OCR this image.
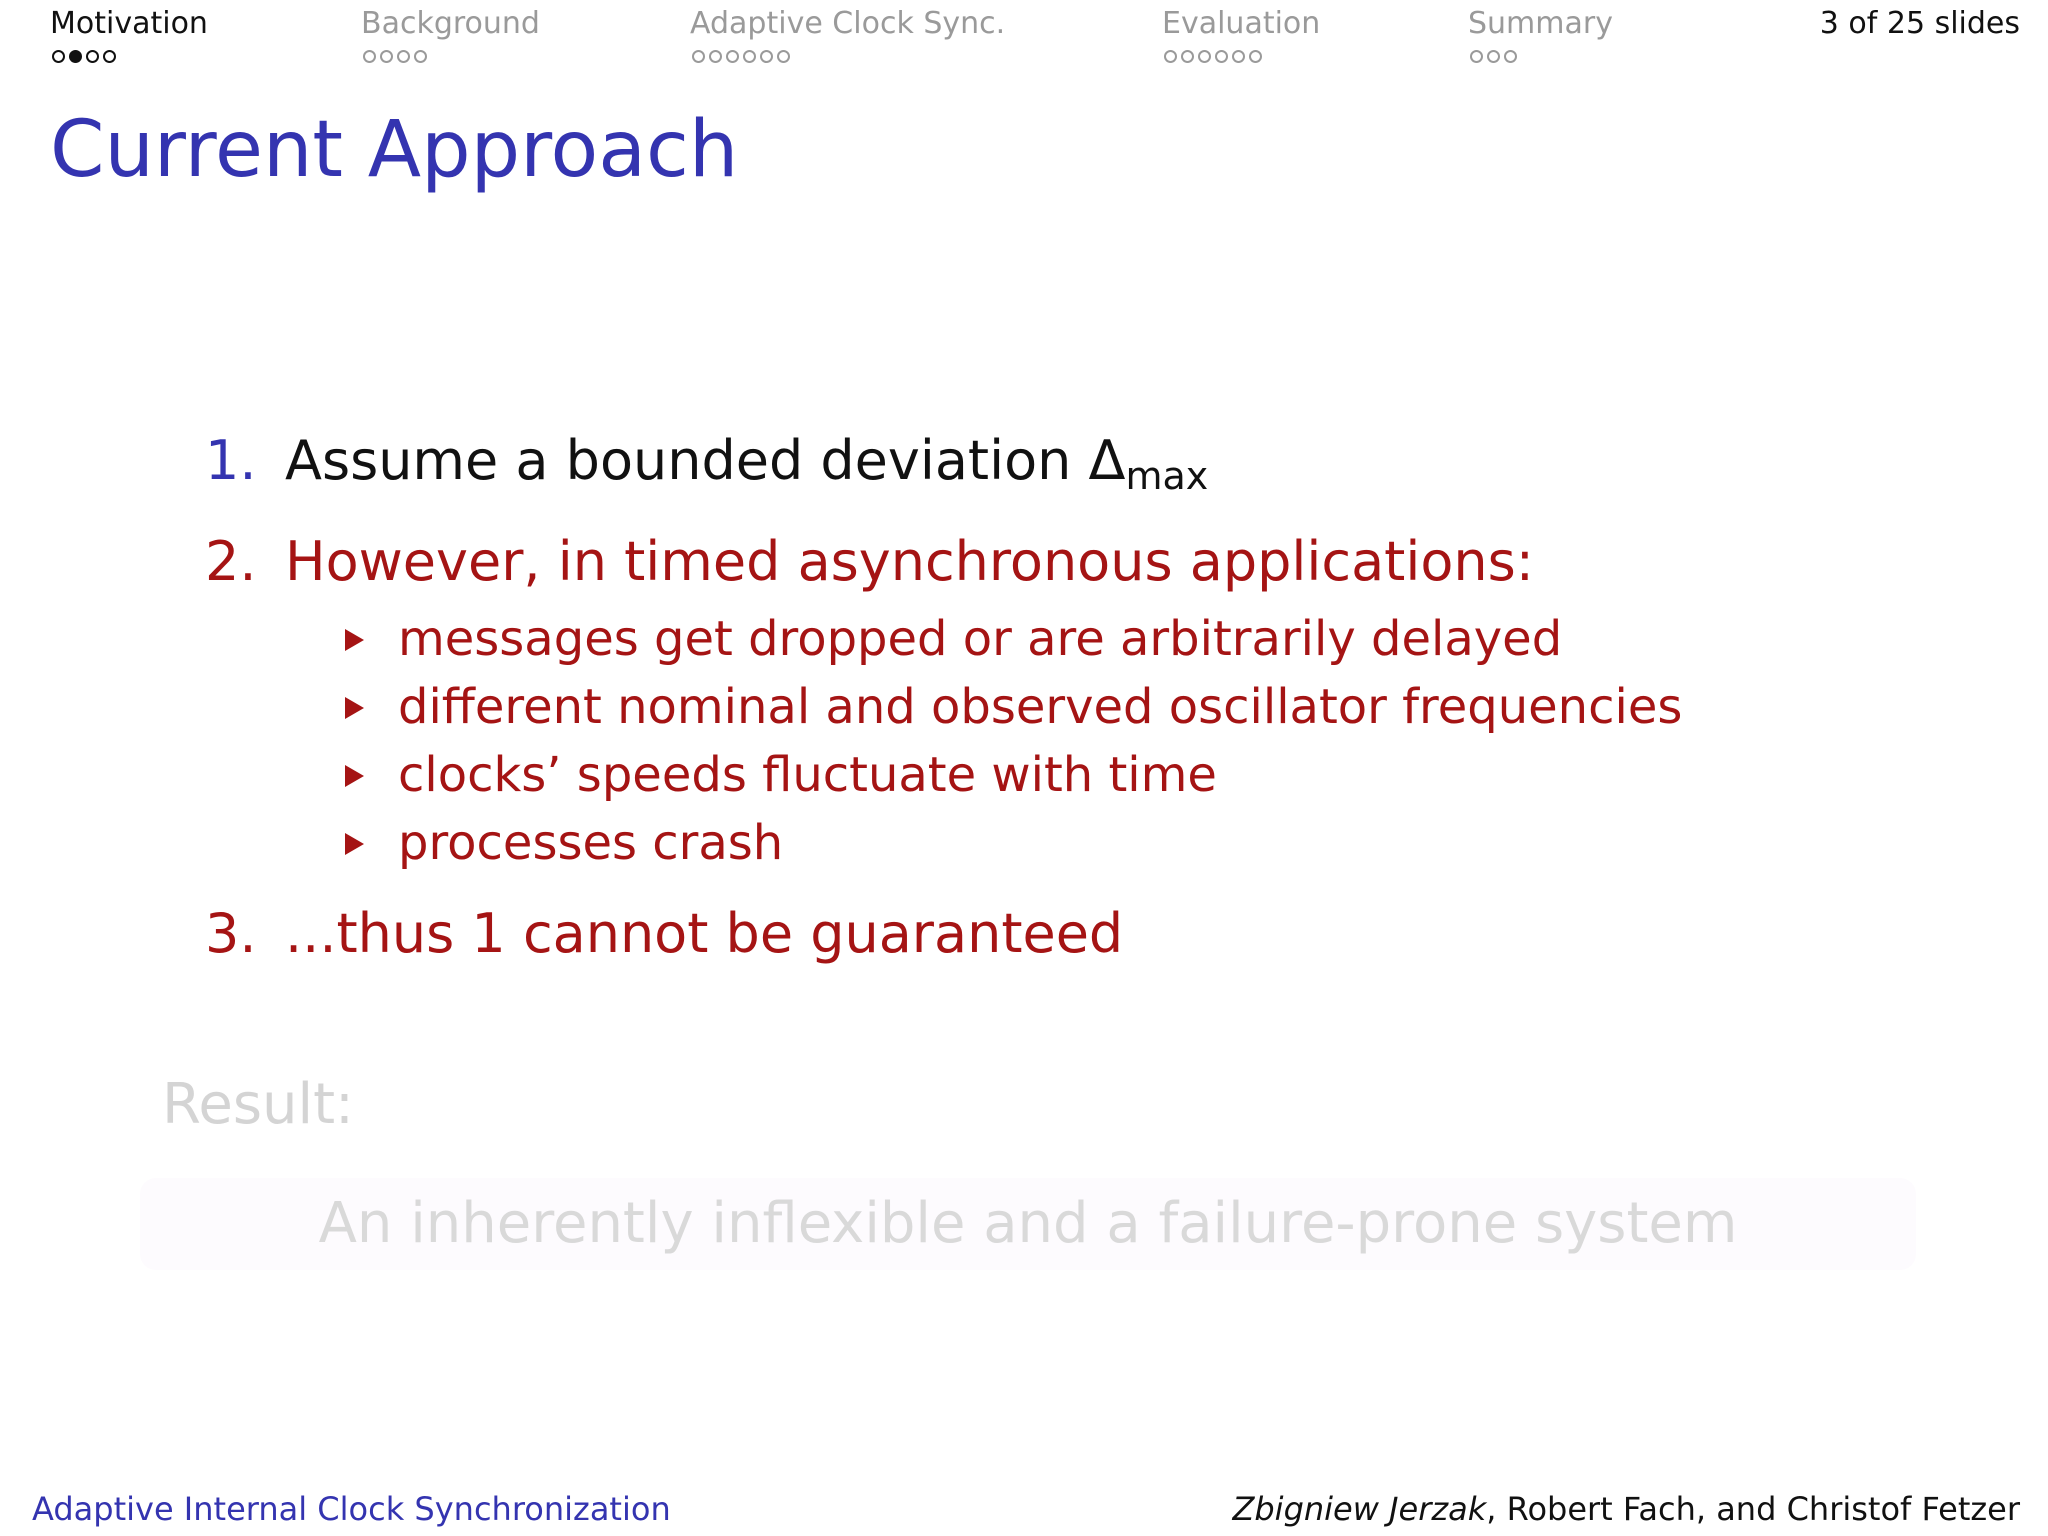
Motivation	Background	Adaptive Clock Sync.	Evaluation	Summary	3 of 25 slides
Current Approach
1. Assume a bounded deviation $\Delta_{max}$
2. However, in timed asynchronous applications:
messages get dropped or are arbitrarily delayed
different nominal and observed oscillator frequencies
clocks’ speeds fluctuate with time
processes crash
3. ...thus 1 cannot be guaranteed
Result:
An inherently inflexible and a failure-prone system
Adaptive Internal Clock Synchronization	Zbigniew Jerzak, Robert Fach, and Christof Fetzer
